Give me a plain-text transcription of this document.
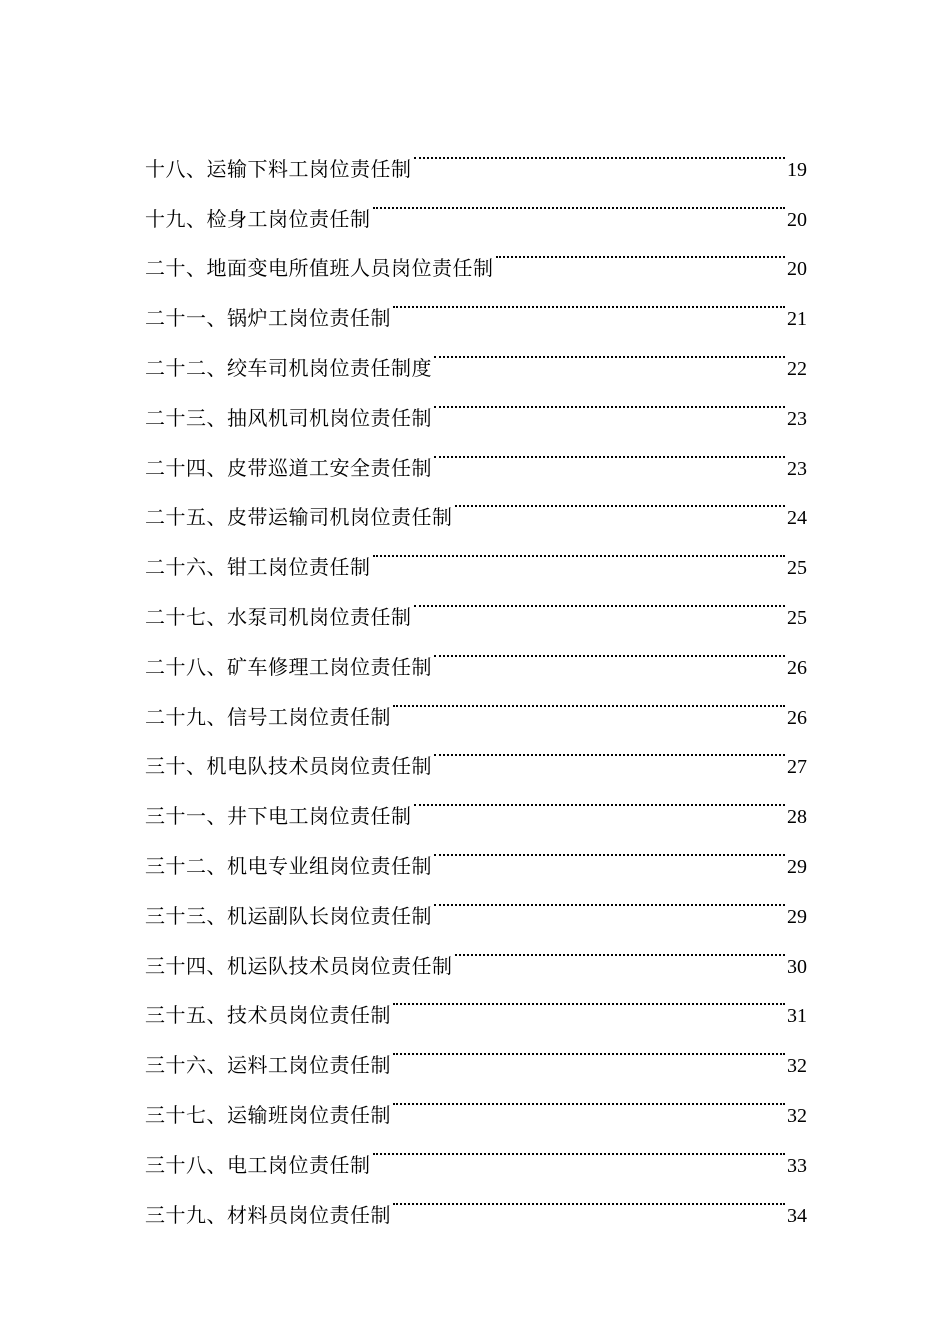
十八、运输下料工岗位责任制	19
十九、检身工岗位责任制	20
二十、地面变电所值班人员岗位责任制	20
二十一、锅炉工岗位责任制	21
二十二、绞车司机岗位责任制度	22
二十三、抽风机司机岗位责任制	23
二十四、皮带巡道工安全责任制	23
二十五、皮带运输司机岗位责任制	24
二十六、钳工岗位责任制	25
二十七、水泵司机岗位责任制	25
二十八、矿车修理工岗位责任制	26
二十九、信号工岗位责任制	26
三十、机电队技术员岗位责任制	27
三十一、井下电工岗位责任制	28
三十二、机电专业组岗位责任制	29
三十三、机运副队长岗位责任制	29
三十四、机运队技术员岗位责任制	30
三十五、技术员岗位责任制	31
三十六、运料工岗位责任制	32
三十七、运输班岗位责任制	32
三十八、电工岗位责任制	33
三十九、材料员岗位责任制	34
